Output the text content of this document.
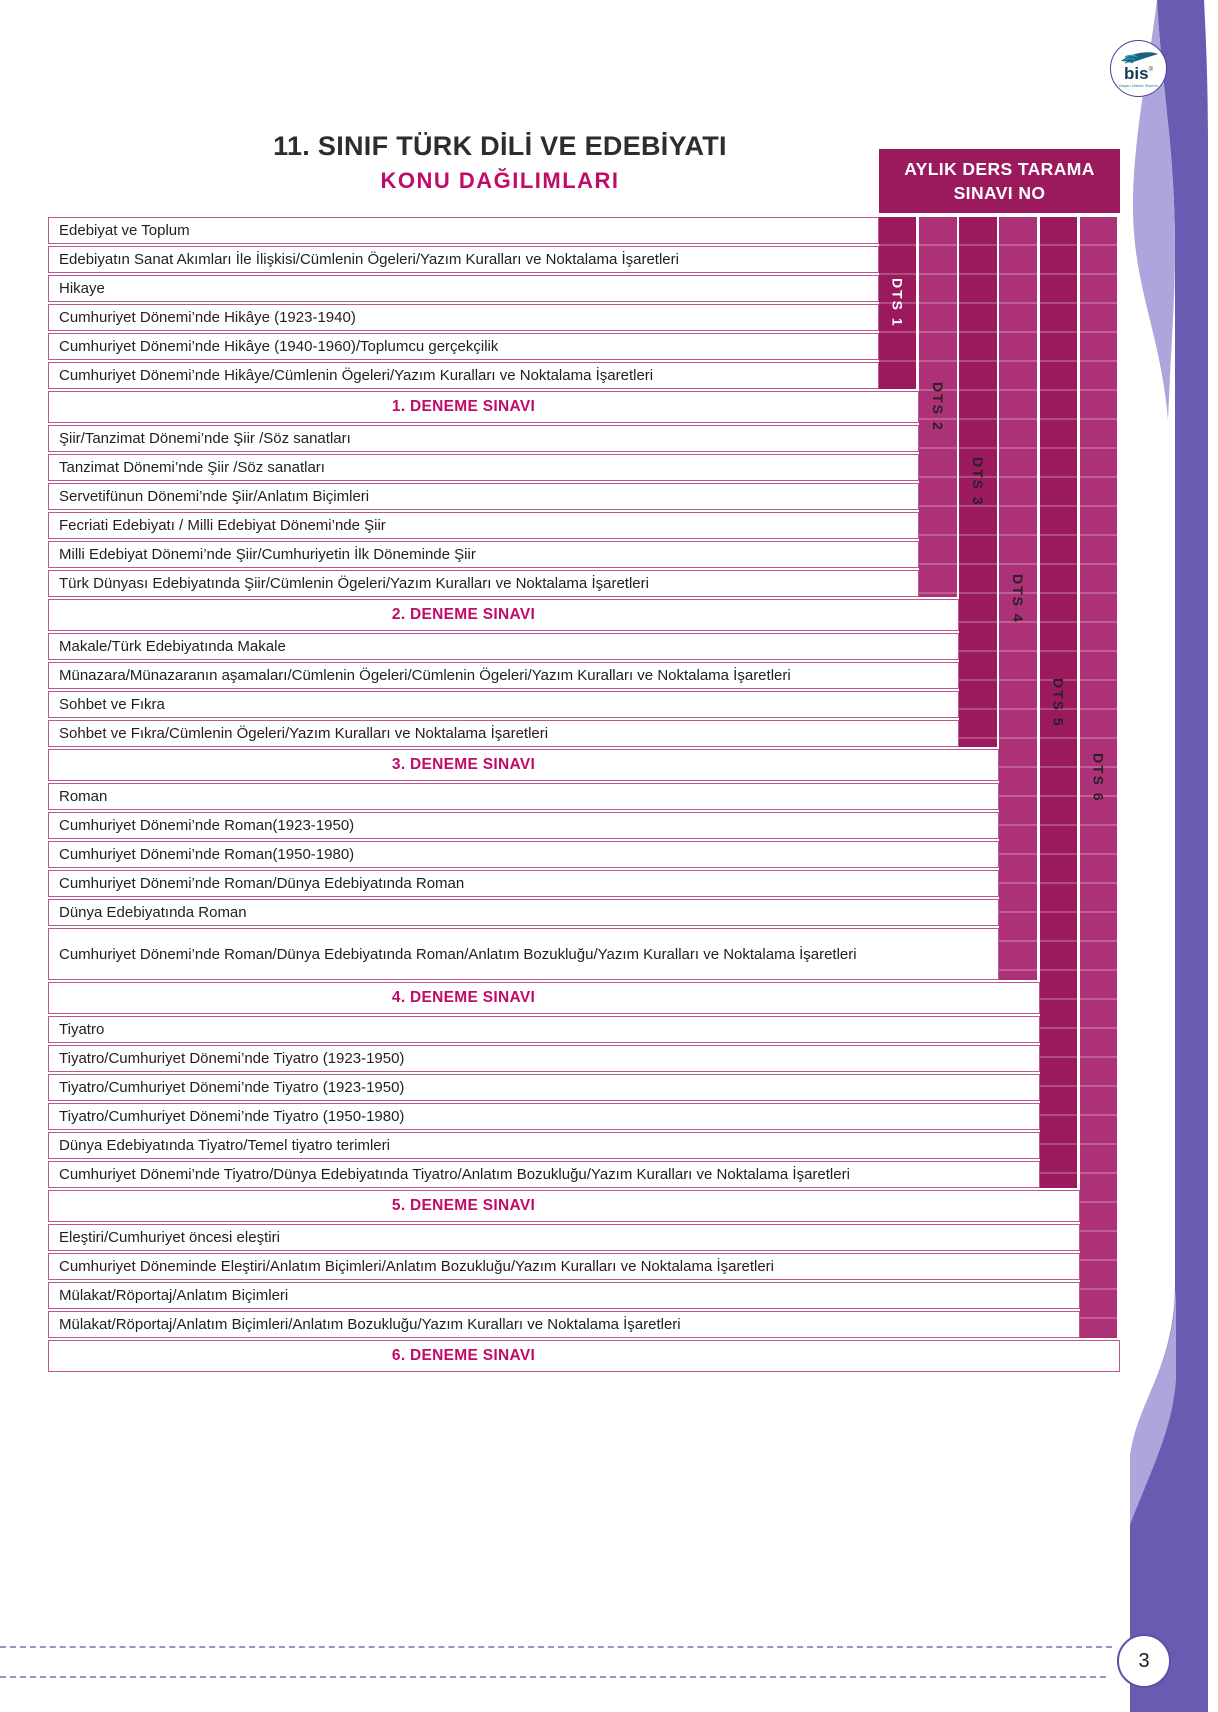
bis ®
Başarı İzleme Sistemi
11. SINIF TÜRK DİLİ VE EDEBİYATI
KONU DAĞILIMLARI	AYLIK DERS TARAMA
SINAVI NO
Edebiyat ve Toplum
Edebiyatın Sanat Akımları İle İlişkisi/Cümlenin Ögeleri/Yazım Kuralları ve Noktalama İşaretleri
Hikaye
Cumhuriyet Dönemi’nde Hikâye (1923-1940)
Cumhuriyet Dönemi’nde Hikâye (1940-1960)/Toplumcu gerçekçilik
Cumhuriyet Dönemi’nde Hikâye/Cümlenin Ögeleri/Yazım Kuralları ve Noktalama İşaretleri
1. DENEME SINAVI
Şiir/Tanzimat Dönemi’nde Şiir /Söz sanatları
Tanzimat Dönemi’nde Şiir /Söz sanatları
Servetifünun Dönemi’nde Şiir/Anlatım Biçimleri
Fecriati Edebiyatı / Milli Edebiyat Dönemi’nde Şiir
Milli Edebiyat Dönemi’nde Şiir/Cumhuriyetin İlk Döneminde Şiir
Türk Dünyası Edebiyatında Şiir/Cümlenin Ögeleri/Yazım Kuralları ve Noktalama İşaretleri
2. DENEME SINAVI
Makale/Türk Edebiyatında Makale
Münazara/Münazaranın aşamaları/Cümlenin Ögeleri/Cümlenin Ögeleri/Yazım Kuralları ve Noktalama İşaretleri
Sohbet ve Fıkra
Sohbet ve Fıkra/Cümlenin Ögeleri/Yazım Kuralları ve Noktalama İşaretleri
3. DENEME SINAVI
Roman
Cumhuriyet Dönemi’nde Roman(1923-1950)
Cumhuriyet Dönemi’nde Roman(1950-1980)
Cumhuriyet Dönemi’nde Roman/Dünya Edebiyatında Roman
Dünya Edebiyatında Roman
Cumhuriyet Dönemi’nde Roman/Dünya Edebiyatında Roman/Anlatım Bozukluğu/Yazım Kuralları ve Noktalama İşaretleri
4. DENEME SINAVI
Tiyatro
Tiyatro/Cumhuriyet Dönemi’nde Tiyatro (1923-1950)
Tiyatro/Cumhuriyet Dönemi’nde Tiyatro (1923-1950)
Tiyatro/Cumhuriyet Dönemi’nde Tiyatro (1950-1980)
Dünya Edebiyatında Tiyatro/Temel tiyatro terimleri
Cumhuriyet Dönemi’nde Tiyatro/Dünya Edebiyatında Tiyatro/Anlatım Bozukluğu/Yazım Kuralları ve Noktalama İşaretleri
5. DENEME SINAVI
Eleştiri/Cumhuriyet öncesi eleştiri
Cumhuriyet Döneminde Eleştiri/Anlatım Biçimleri/Anlatım Bozukluğu/Yazım Kuralları ve Noktalama İşaretleri
Mülakat/Röportaj/Anlatım Biçimleri
Mülakat/Röportaj/Anlatım Biçimleri/Anlatım Bozukluğu/Yazım Kuralları ve Noktalama İşaretleri
6. DENEME SINAVI
DTS 1
DTS 2
DTS 3
DTS 4
DTS 5
DTS 6
3
